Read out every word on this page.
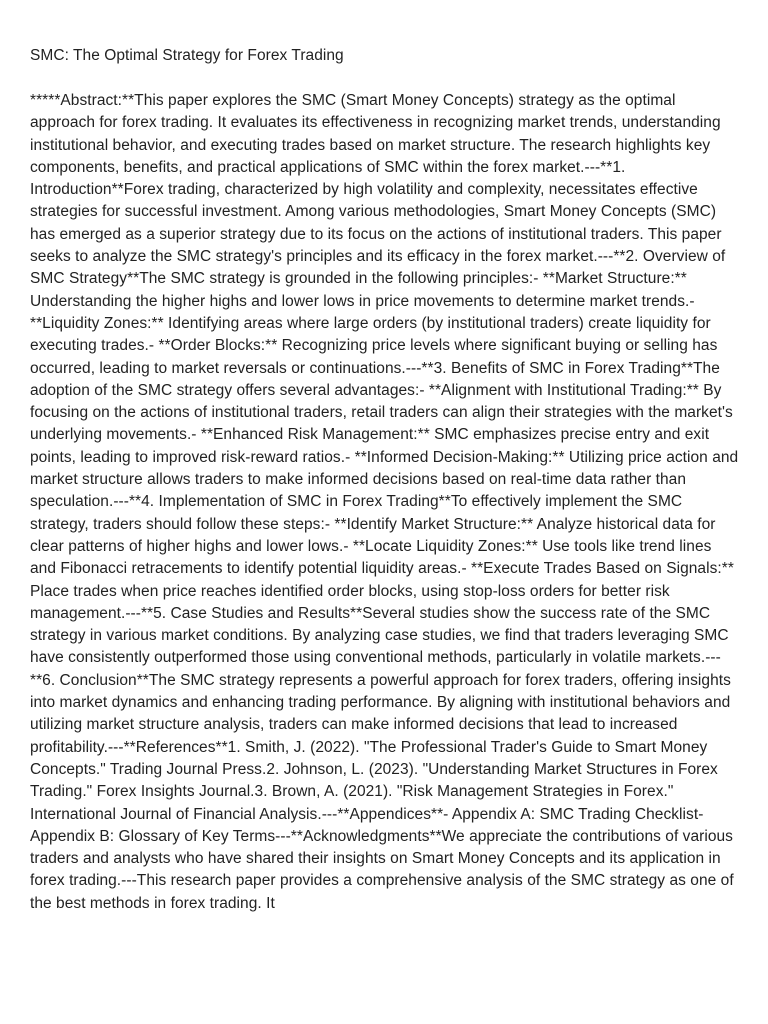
SMC: The Optimal Strategy for Forex Trading
*****Abstract:**This paper explores the SMC (Smart Money Concepts) strategy as the optimal approach for forex trading. It evaluates its effectiveness in recognizing market trends, understanding institutional behavior, and executing trades based on market structure. The research highlights key components, benefits, and practical applications of SMC within the forex market.---**1. Introduction**Forex trading, characterized by high volatility and complexity, necessitates effective strategies for successful investment. Among various methodologies, Smart Money Concepts (SMC) has emerged as a superior strategy due to its focus on the actions of institutional traders. This paper seeks to analyze the SMC strategy's principles and its efficacy in the forex market.---**2. Overview of SMC Strategy**The SMC strategy is grounded in the following principles:- **Market Structure:** Understanding the higher highs and lower lows in price movements to determine market trends.- **Liquidity Zones:** Identifying areas where large orders (by institutional traders) create liquidity for executing trades.- **Order Blocks:** Recognizing price levels where significant buying or selling has occurred, leading to market reversals or continuations.---**3. Benefits of SMC in Forex Trading**The adoption of the SMC strategy offers several advantages:- **Alignment with Institutional Trading:** By focusing on the actions of institutional traders, retail traders can align their strategies with the market's underlying movements.- **Enhanced Risk Management:** SMC emphasizes precise entry and exit points, leading to improved risk-reward ratios.- **Informed Decision-Making:** Utilizing price action and market structure allows traders to make informed decisions based on real-time data rather than speculation.---**4. Implementation of SMC in Forex Trading**To effectively implement the SMC strategy, traders should follow these steps:- **Identify Market Structure:** Analyze historical data for clear patterns of higher highs and lower lows.- **Locate Liquidity Zones:** Use tools like trend lines and Fibonacci retracements to identify potential liquidity areas.- **Execute Trades Based on Signals:** Place trades when price reaches identified order blocks, using stop-loss orders for better risk management.---**5. Case Studies and Results**Several studies show the success rate of the SMC strategy in various market conditions. By analyzing case studies, we find that traders leveraging SMC have consistently outperformed those using conventional methods, particularly in volatile markets.---**6. Conclusion**The SMC strategy represents a powerful approach for forex traders, offering insights into market dynamics and enhancing trading performance. By aligning with institutional behaviors and utilizing market structure analysis, traders can make informed decisions that lead to increased profitability.---**References**1. Smith, J. (2022). "The Professional Trader's Guide to Smart Money Concepts." Trading Journal Press.2. Johnson, L. (2023). "Understanding Market Structures in Forex Trading." Forex Insights Journal.3. Brown, A. (2021). "Risk Management Strategies in Forex." International Journal of Financial Analysis.---**Appendices**- Appendix A: SMC Trading Checklist- Appendix B: Glossary of Key Terms---**Acknowledgments**We appreciate the contributions of various traders and analysts who have shared their insights on Smart Money Concepts and its application in forex trading.---This research paper provides a comprehensive analysis of the SMC strategy as one of the best methods in forex trading. It
